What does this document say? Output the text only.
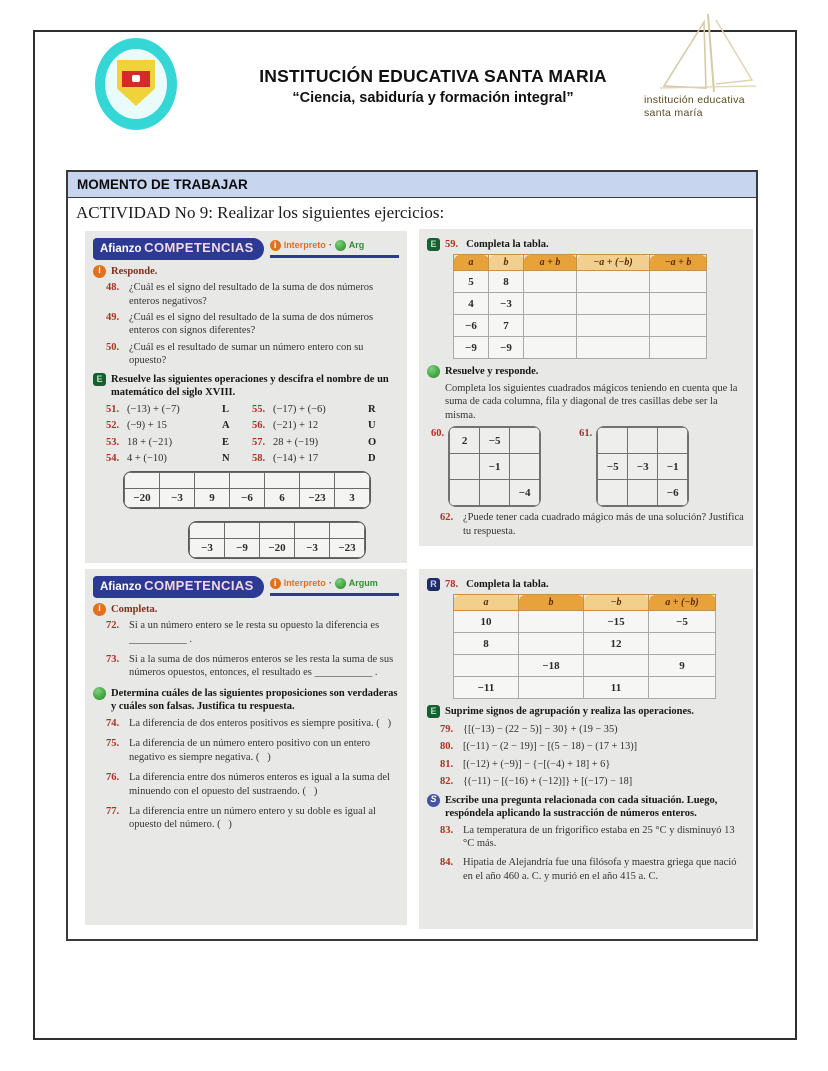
INSTITUCIÓN EDUCATIVA SANTA MARIA
“Ciencia, sabiduría y formación integral”	institución educativa
santa maría
MOMENTO DE TRABAJAR
ACTIVIDAD No 9: Realizar los siguientes ejercicios:
Afianzo COMPETENCIAS	i Interpreto · Arg
i Responde.
48. ¿Cuál es el signo del resultado de la suma de dos números enteros negativos?
49. ¿Cuál es el signo del resultado de la suma de dos números enteros con signos diferentes?
50. ¿Cuál es el resultado de sumar un número entero con su opuesto?
E Resuelve las siguientes operaciones y descifra el nombre de un matemático del siglo XVIII.
51. (−13) + (−7)	L	55. (−17) + (−6)	R
52. (−9) + 15	A	56. (−21) + 12	U
53. 18 + (−21)	E	57. 28 + (−19)	O
54. 4 + (−10)	N	58. (−14) + 17	D

−20	−3	9	−6	6	−23	3

−3	−9	−20	−3	−23
E 59. Completa la tabla.
a	b	a + b	−a + (−b)	−a + b
5	8			
4	−3			
−6	7			
−9	−9			
Resuelve y responde.
Completa los siguientes cuadrados mágicos teniendo en cuenta que la suma de cada columna, fila y diagonal de tres casillas debe ser la misma.
60.
2	−5	
	−1	
		−4
61.

−5	−3	−1
		−6
62. ¿Puede tener cada cuadrado mágico más de una solución? Justifica tu respuesta.
Afianzo COMPETENCIAS	i Interpreto · Argum
i Completa.
72. Si a un número entero se le resta su opuesto la diferencia es ___________ .
73. Si a la suma de dos números enteros se les resta la suma de sus números opuestos, entonces, el resultado es ___________ .
Determina cuáles de las siguientes proposiciones son verdaderas y cuáles son falsas. Justifica tu respuesta.
74. La diferencia de dos enteros positivos es siempre positiva. (   )
75. La diferencia de un número entero positivo con un entero negativo es siempre negativa. (   )
76. La diferencia entre dos números enteros es igual a la suma del minuendo con el opuesto del sustraendo. (   )
77. La diferencia entre un número entero y su doble es igual al opuesto del número. (   )
R 78. Completa la tabla.
a	b	−b	a + (−b)
10		−15	−5
8		12	
	−18		9
−11		11	
E Suprime signos de agrupación y realiza las operaciones.
79. {[(−13) − (22 − 5)] − 30} + (19 − 35)
80. [(−11) − (2 − 19)] − [(5 − 18) − (17 + 13)]
81. [(−12) + (−9)] − {−[(−4) + 18] + 6}
82. {(−11) − [(−16) + (−12)]} + [(−17) − 18]
S Escribe una pregunta relacionada con cada situación. Luego, respóndela aplicando la sustracción de números enteros.
83. La temperatura de un frigorífico estaba en 25 °C y disminuyó 13 °C más.
84. Hipatia de Alejandría fue una filósofa y maestra griega que nació en el año 460 a. C. y murió en el año 415 a. C.
